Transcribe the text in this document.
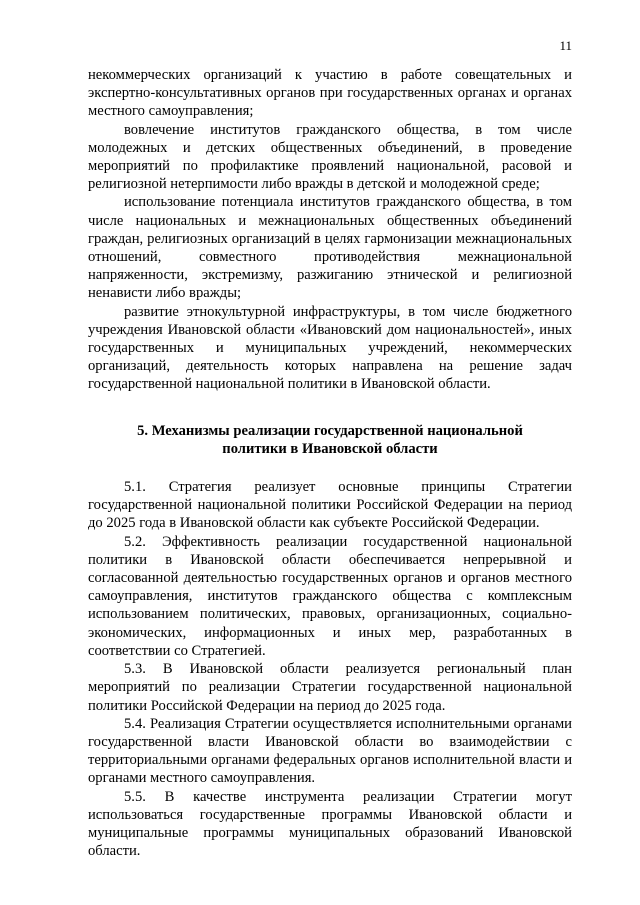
11

некоммерческих организаций к участию в работе совещательных и экспертно-консультативных органов при государственных органах и органах местного самоуправления;

вовлечение институтов гражданского общества, в том числе молодежных и детских общественных объединений, в проведение мероприятий по профилактике проявлений национальной, расовой и религиозной нетерпимости либо вражды в детской и молодежной среде;

использование потенциала институтов гражданского общества, в том числе национальных и межнациональных общественных объединений граждан, религиозных организаций в целях гармонизации межнациональных отношений, совместного противодействия межнациональной напряженности, экстремизму, разжиганию этнической и религиозной ненависти либо вражды;

развитие этнокультурной инфраструктуры, в том числе бюджетного учреждения Ивановской области «Ивановский дом национальностей», иных государственных и муниципальных учреждений, некоммерческих организаций, деятельность которых направлена на решение задач государственной национальной политики в Ивановской области.

5. Механизмы реализации государственной национальной
политики в Ивановской области

5.1. Стратегия реализует основные принципы Стратегии государственной национальной политики Российской Федерации на период до 2025 года в Ивановской области как субъекте Российской Федерации.

5.2. Эффективность реализации государственной национальной политики в Ивановской области обеспечивается непрерывной и согласованной деятельностью государственных органов и органов местного самоуправления, институтов гражданского общества с комплексным использованием политических, правовых, организационных, социально-экономических, информационных и иных мер, разработанных в соответствии со Стратегией.

5.3. В Ивановской области реализуется региональный план мероприятий по реализации Стратегии государственной национальной политики Российской Федерации на период до 2025 года.

5.4. Реализация Стратегии осуществляется исполнительными органами государственной власти Ивановской области во взаимодействии с территориальными органами федеральных органов исполнительной власти и органами местного самоуправления.

5.5. В качестве инструмента реализации Стратегии могут использоваться государственные программы Ивановской области и муниципальные программы муниципальных образований Ивановской области.
